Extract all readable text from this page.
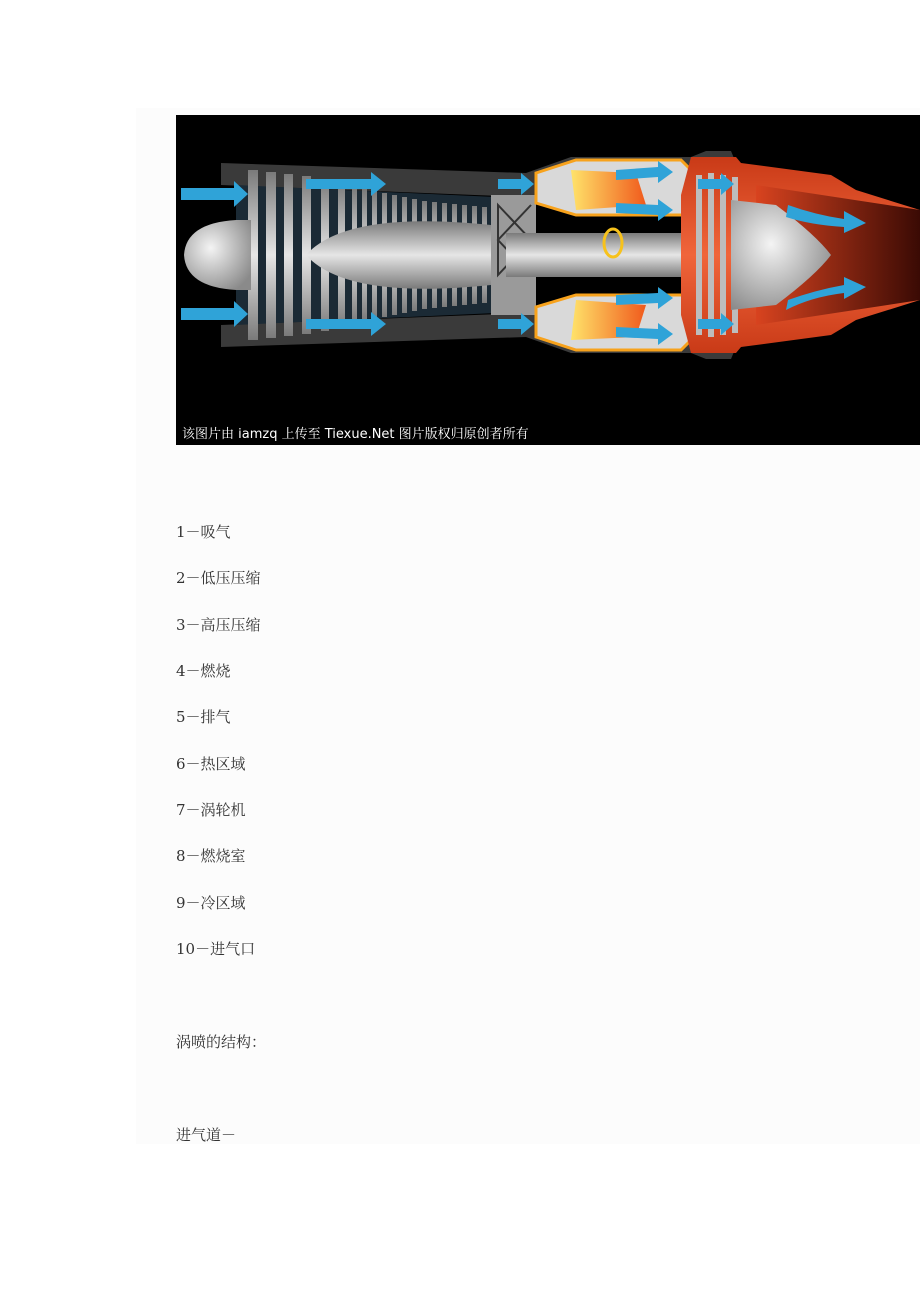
该图片由 iamzq 上传至 Tiexue.Net 图片版权归原创者所有
1－吸气
2－低压压缩
3－高压压缩
4－燃烧
5－排气
6－热区域
7－涡轮机
8－燃烧室
9－冷区域
10－进气口
涡喷的结构：
进气道－
